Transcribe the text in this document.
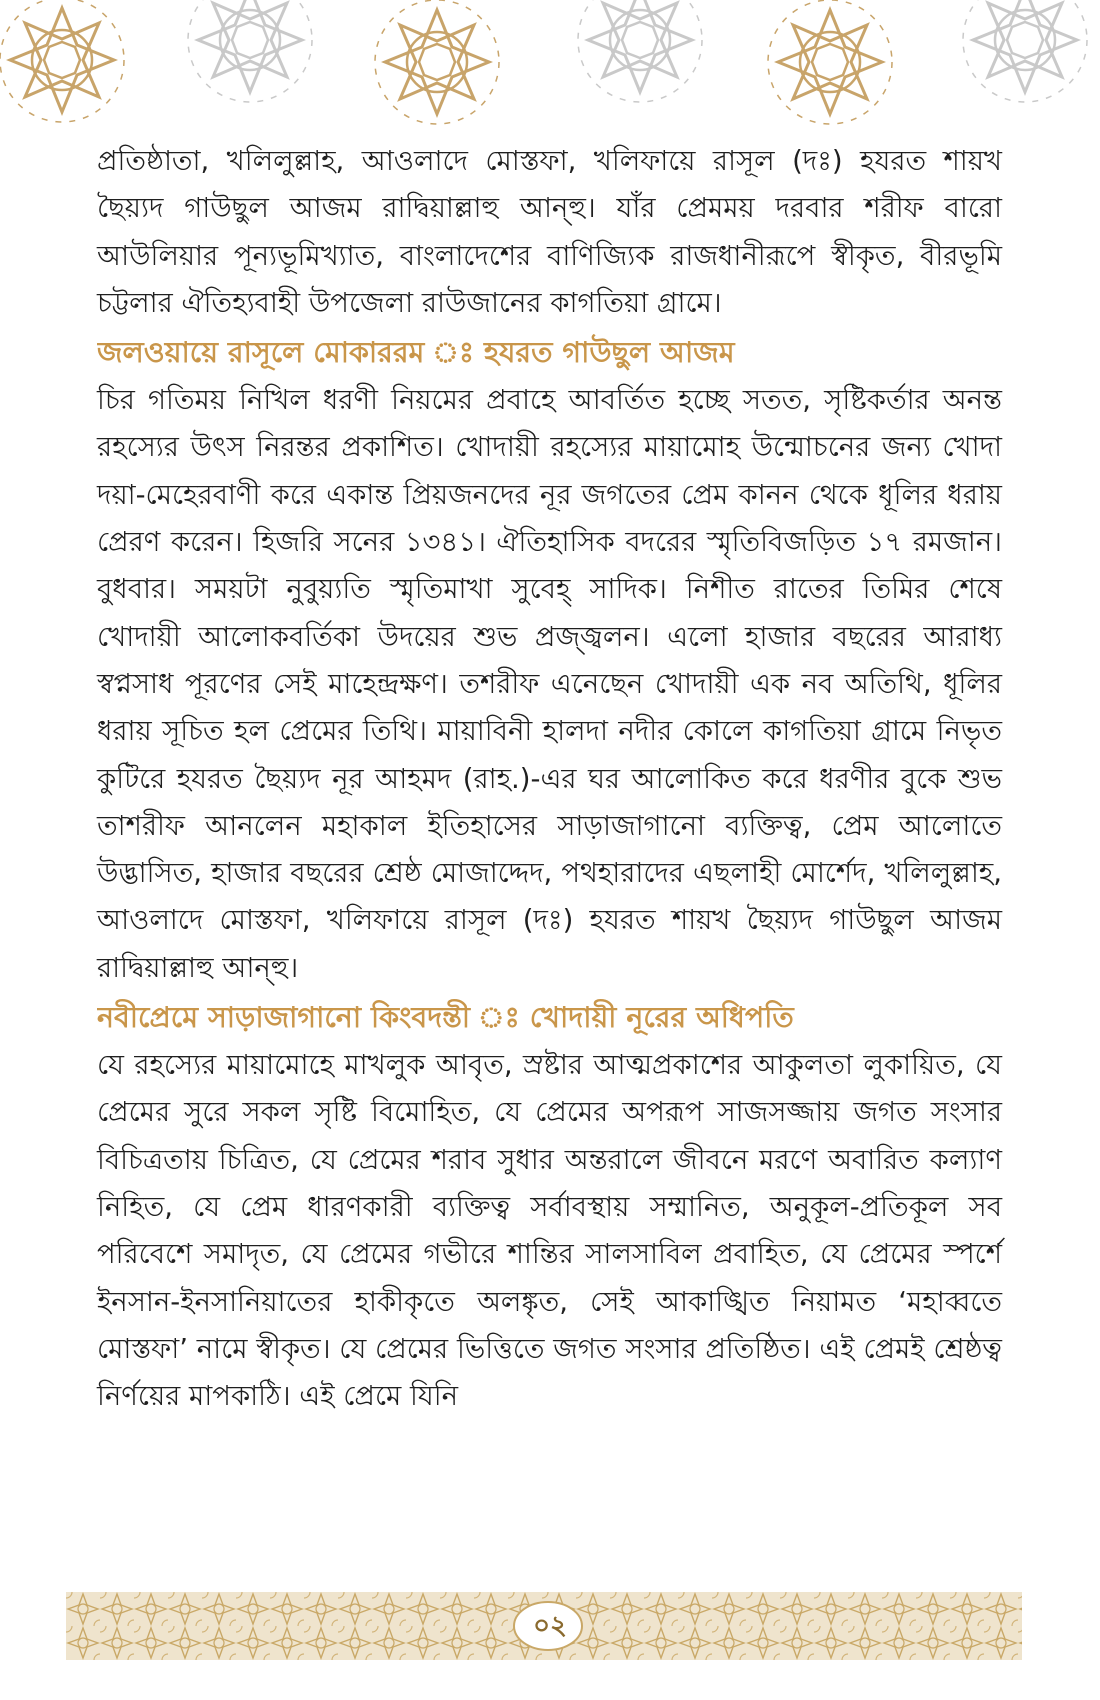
প্রতিষ্ঠাতা, খলিলুল্লাহ, আওলাদে মোস্তফা, খলিফায়ে রাসূল (দঃ) হযরত শায়খ ছৈয়্যদ গাউছুল আজম রাদ্বিয়াল্লাহু আন্হু। যাঁর প্রেমময় দরবার শরীফ বারো আউলিয়ার পূন্যভূমিখ্যাত, বাংলাদেশের বাণিজ্যিক রাজধানীরূপে স্বীকৃত, বীরভূমি চট্টলার ঐতিহ্যবাহী উপজেলা রাউজানের কাগতিয়া গ্রামে।

জলওয়ায়ে রাসূলে মোকাররম ঃ হযরত গাউছুল আজম

চির গতিময় নিখিল ধরণী নিয়মের প্রবাহে আবর্তিত হচ্ছে সতত, সৃষ্টিকর্তার অনন্ত রহস্যের উৎস নিরন্তর প্রকাশিত। খোদায়ী রহস্যের মায়ামোহ উন্মোচনের জন্য খোদা দয়া-মেহেরবাণী করে একান্ত প্রিয়জনদের নূর জগতের প্রেম কানন থেকে ধূলির ধরায় প্রেরণ করেন। হিজরি সনের ১৩৪১। ঐতিহাসিক বদরের স্মৃতিবিজড়িত ১৭ রমজান। বুধবার। সময়টা নুবুয়্যতি স্মৃতিমাখা সুবেহ্ সাদিক। নিশীত রাতের তিমির শেষে খোদায়ী আলোকবর্তিকা উদয়ের শুভ প্রজ্জ্বলন। এলো হাজার বছরের আরাধ্য স্বপ্নসাধ পূরণের সেই মাহেন্দ্রক্ষণ। তশরীফ এনেছেন খোদায়ী এক নব অতিথি, ধূলির ধরায় সূচিত হল প্রেমের তিথি। মায়াবিনী হালদা নদীর কোলে কাগতিয়া গ্রামে নিভৃত কুটিরে হযরত ছৈয়্যদ নূর আহমদ (রাহ.)-এর ঘর আলোকিত করে ধরণীর বুকে শুভ তাশরীফ আনলেন মহাকাল ইতিহাসের সাড়াজাগানো ব্যক্তিত্ব, প্রেম আলোতে উদ্ভাসিত, হাজার বছরের শ্রেষ্ঠ মোজাদ্দেদ, পথহারাদের এছলাহী মোর্শেদ, খলিলুল্লাহ, আওলাদে মোস্তফা, খলিফায়ে রাসূল (দঃ) হযরত শায়খ ছৈয়্যদ গাউছুল আজম রাদ্বিয়াল্লাহু আন্হু।

নবীপ্রেমে সাড়াজাগানো কিংবদন্তী ঃ খোদায়ী নূরের অধিপতি

যে রহস্যের মায়ামোহে মাখলুক আবৃত, স্রষ্টার আত্মপ্রকাশের আকুলতা লুকায়িত, যে প্রেমের সুরে সকল সৃষ্টি বিমোহিত, যে প্রেমের অপরূপ সাজসজ্জায় জগত সংসার বিচিত্রতায় চিত্রিত, যে প্রেমের শরাব সুধার অন্তরালে জীবনে মরণে অবারিত কল্যাণ নিহিত, যে প্রেম ধারণকারী ব্যক্তিত্ব সর্বাবস্থায় সম্মানিত, অনুকূল-প্রতিকূল সব পরিবেশে সমাদৃত, যে প্রেমের গভীরে শান্তির সালসাবিল প্রবাহিত, যে প্রেমের স্পর্শে ইনসান-ইনসানিয়াতের হাকীকৃতে অলঙ্কৃত, সেই আকাঙ্খিত নিয়ামত ‘মহাব্বতে মোস্তফা’ নামে স্বীকৃত। যে প্রেমের ভিত্তিতে জগত সংসার প্রতিষ্ঠিত। এই প্রেমই শ্রেষ্ঠত্ব নির্ণয়ের মাপকাঠি। এই প্রেমে যিনি

০২
